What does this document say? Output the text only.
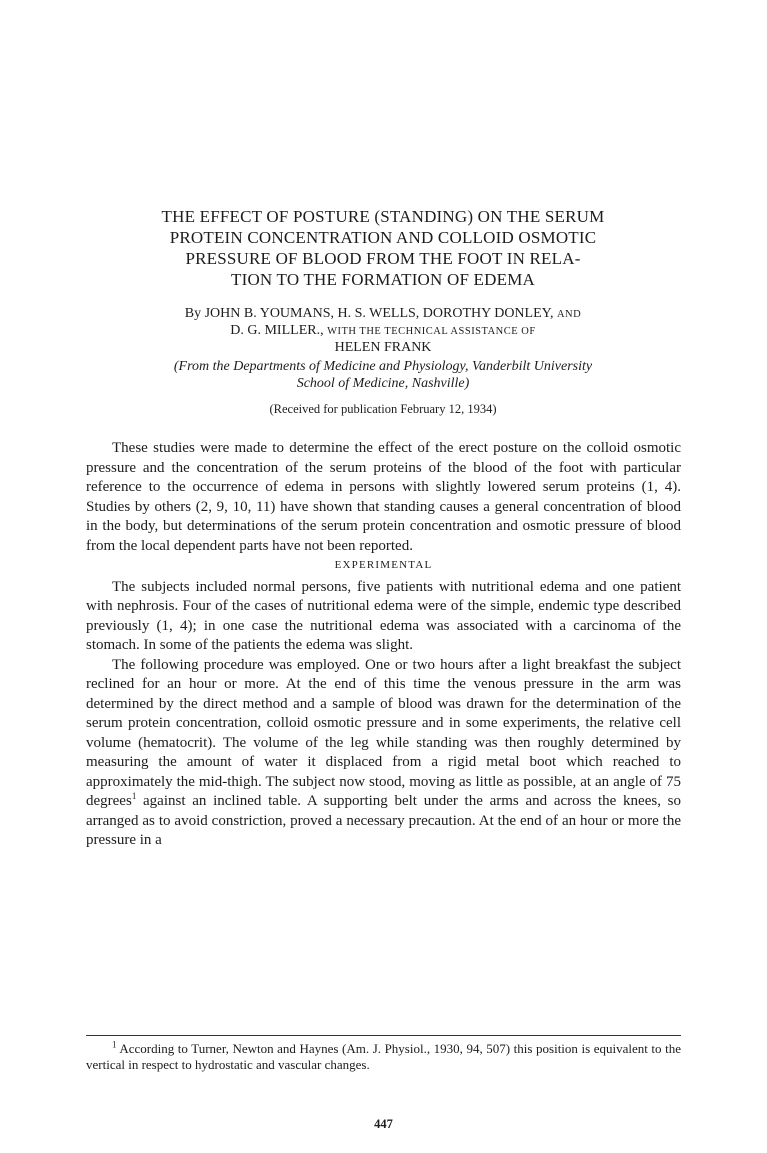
THE EFFECT OF POSTURE (STANDING) ON THE SERUM
PROTEIN CONCENTRATION AND COLLOID OSMOTIC
PRESSURE OF BLOOD FROM THE FOOT IN RELA-
TION TO THE FORMATION OF EDEMA
By JOHN B. YOUMANS, H. S. WELLS, DOROTHY DONLEY, AND
D. G. MILLER., WITH THE TECHNICAL ASSISTANCE OF
HELEN FRANK
(From the Departments of Medicine and Physiology, Vanderbilt University
School of Medicine, Nashville)
(Received for publication February 12, 1934)

These studies were made to determine the effect of the erect posture on the colloid osmotic pressure and the concentration of the serum proteins of the blood of the foot with particular reference to the occurrence of edema in persons with slightly lowered serum proteins (1, 4). Studies by others (2, 9, 10, 11) have shown that standing causes a general concentration of blood in the body, but determinations of the serum protein concentration and osmotic pressure of blood from the local dependent parts have not been reported.

EXPERIMENTAL

The subjects included normal persons, five patients with nutritional edema and one patient with nephrosis. Four of the cases of nutritional edema were of the simple, endemic type described previously (1, 4); in one case the nutritional edema was associated with a carcinoma of the stomach. In some of the patients the edema was slight.

The following procedure was employed. One or two hours after a light breakfast the subject reclined for an hour or more. At the end of this time the venous pressure in the arm was determined by the direct method and a sample of blood was drawn for the determination of the serum protein concentration, colloid osmotic pressure and in some experiments, the relative cell volume (hematocrit). The volume of the leg while standing was then roughly determined by measuring the amount of water it displaced from a rigid metal boot which reached to approximately the mid-thigh. The subject now stood, moving as little as possible, at an angle of 75 degrees$^1$ against an inclined table. A supporting belt under the arms and across the knees, so arranged as to avoid constriction, proved a necessary precaution. At the end of an hour or more the pressure in a

$^1$ According to Turner, Newton and Haynes (Am. J. Physiol., 1930, 94, 507) this position is equivalent to the vertical in respect to hydrostatic and vascular changes.
447
